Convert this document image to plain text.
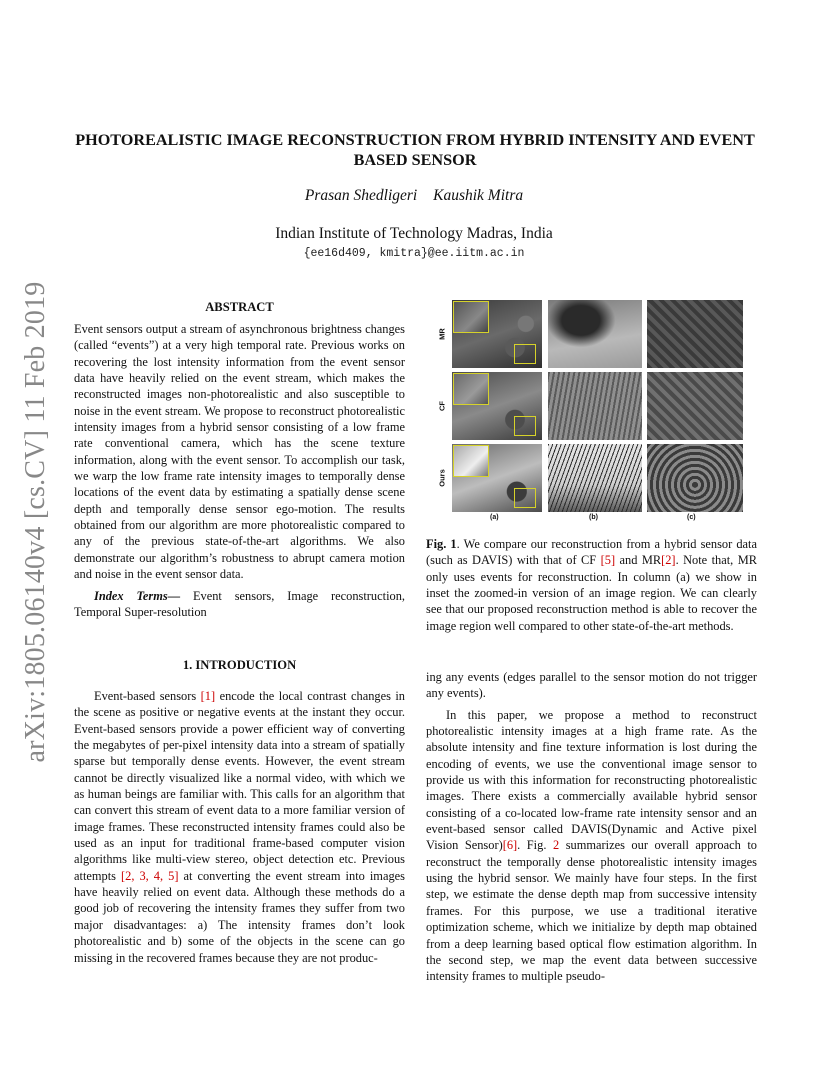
arXiv:1805.06140v4 [cs.CV] 11 Feb 2019
PHOTOREALISTIC IMAGE RECONSTRUCTION FROM HYBRID INTENSITY AND EVENT BASED SENSOR
Prasan Shedligeri Kaushik Mitra
Indian Institute of Technology Madras, India
{ee16d409, kmitra}@ee.iitm.ac.in
ABSTRACT

Event sensors output a stream of asynchronous brightness changes (called “events”) at a very high temporal rate. Previous works on recovering the lost intensity information from the event sensor data have heavily relied on the event stream, which makes the reconstructed images non-photorealistic and also susceptible to noise in the event stream. We propose to reconstruct photorealistic intensity images from a hybrid sensor consisting of a low frame rate conventional camera, which has the scene texture information, along with the event sensor. To accomplish our task, we warp the low frame rate intensity images to temporally dense locations of the event data by estimating a spatially dense scene depth and temporally dense sensor ego-motion. The results obtained from our algorithm are more photorealistic compared to any of the previous state-of-the-art algorithms. We also demonstrate our algorithm’s robustness to abrupt camera motion and noise in the event sensor data.

Index Terms— Event sensors, Image reconstruction, Temporal Super-resolution

1. INTRODUCTION

Event-based sensors [1] encode the local contrast changes in the scene as positive or negative events at the instant they occur. Event-based sensors provide a power efficient way of converting the megabytes of per-pixel intensity data into a stream of spatially sparse but temporally dense events. However, the event stream cannot be directly visualized like a normal video, with which we as human beings are familiar with. This calls for an algorithm that can convert this stream of event data to a more familiar version of image frames. These reconstructed intensity frames could also be used as an input for traditional frame-based computer vision algorithms like multi-view stereo, object detection etc. Previous attempts [2, 3, 4, 5] at converting the event stream into images have heavily relied on event data. Although these methods do a good job of recovering the intensity frames they suffer from two major disadvantages: a) The intensity frames don’t look photorealistic and b) some of the objects in the scene can go missing in the recovered frames because they are not produc-

MR
CF
Ours
(a)	(b)	(c)
Fig. 1. We compare our reconstruction from a hybrid sensor data (such as DAVIS) with that of CF [5] and MR[2]. Note that, MR only uses events for reconstruction. In column (a) we show in inset the zoomed-in version of an image region. We can clearly see that our proposed reconstruction method is able to recover the image region well compared to other state-of-the-art methods.

ing any events (edges parallel to the sensor motion do not trigger any events).

In this paper, we propose a method to reconstruct photorealistic intensity images at a high frame rate. As the absolute intensity and fine texture information is lost during the encoding of events, we use the conventional image sensor to provide us with this information for reconstructing photorealistic images. There exists a commercially available hybrid sensor consisting of a co-located low-frame rate intensity sensor and an event-based sensor called DAVIS(Dynamic and Active pixel Vision Sensor)[6]. Fig. 2 summarizes our overall approach to reconstruct the temporally dense photorealistic intensity images using the hybrid sensor. We mainly have four steps. In the first step, we estimate the dense depth map from successive intensity frames. For this purpose, we use a traditional iterative optimization scheme, which we initialize by depth map obtained from a deep learning based optical flow estimation algorithm. In the second step, we map the event data between successive intensity frames to multiple pseudo-
